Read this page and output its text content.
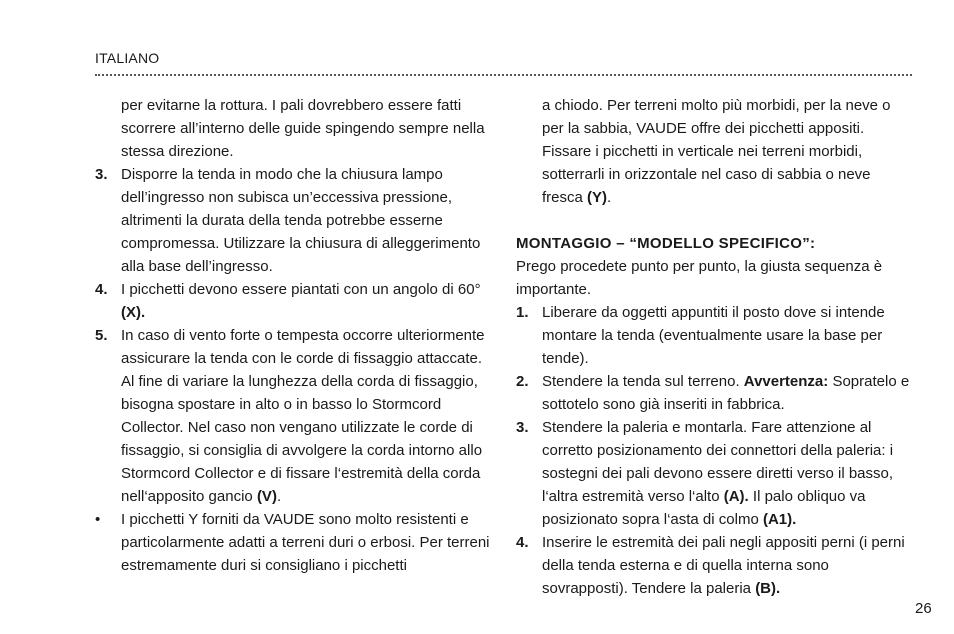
ITALIANO

per evitarne la rottura. I pali dovrebbero essere fatti scorrere all’interno delle guide spingendo sempre nella stessa direzione.

3. Disporre la tenda in modo che la chiusura lampo dell’ingresso non subisca un’eccessiva pressione, altrimenti la durata della tenda potrebbe esserne compromessa. Utilizzare la chiusura di alleggerimento alla base dell’ingresso.

4. I picchetti devono essere piantati con un angolo di 60° (X).

5. In caso di vento forte o tempesta occorre ulteriormente assicurare la tenda con le corde di fissaggio attaccate. Al fine di variare la lunghezza della corda di fissaggio, bisogna spostare in alto o in basso lo Stormcord Collector. Nel caso non vengano utilizzate le corde di fissaggio, si consiglia di avvolgere la corda intorno allo Stormcord Collector e di fissare l‘estremità della corda nell‘apposito gancio (V).

• I picchetti Y forniti da VAUDE sono molto resistenti e particolarmente adatti a terreni duri o erbosi. Per terreni estremamente duri si consigliano i picchetti

a chiodo. Per terreni molto più morbidi, per la neve o per la sabbia, VAUDE offre dei picchetti appositi. Fissare i picchetti in verticale nei terreni morbidi, sotterrarli in orizzontale nel caso di sabbia o neve fresca (Y).

MONTAGGIO – “MODELLO SPECIFICO”:

Prego procedete punto per punto, la giusta sequenza è importante.

1. Liberare da oggetti appuntiti il posto dove si intende montare la tenda (eventualmente usare la base per tende).

2. Stendere la tenda sul terreno. Avvertenza: Sopratelo e sottotelo sono già inseriti in fabbrica.

3. Stendere la paleria e montarla. Fare attenzione al corretto posizionamento dei connettori della paleria: i sostegni dei pali devono essere diretti verso il basso, l‘altra estremità verso l‘alto (A). Il palo obliquo va posizionato sopra l‘asta di colmo (A1).

4. Inserire le estremità dei pali negli appositi perni (i perni della tenda esterna e di quella interna sono sovrapposti). Tendere la paleria (B).

26
